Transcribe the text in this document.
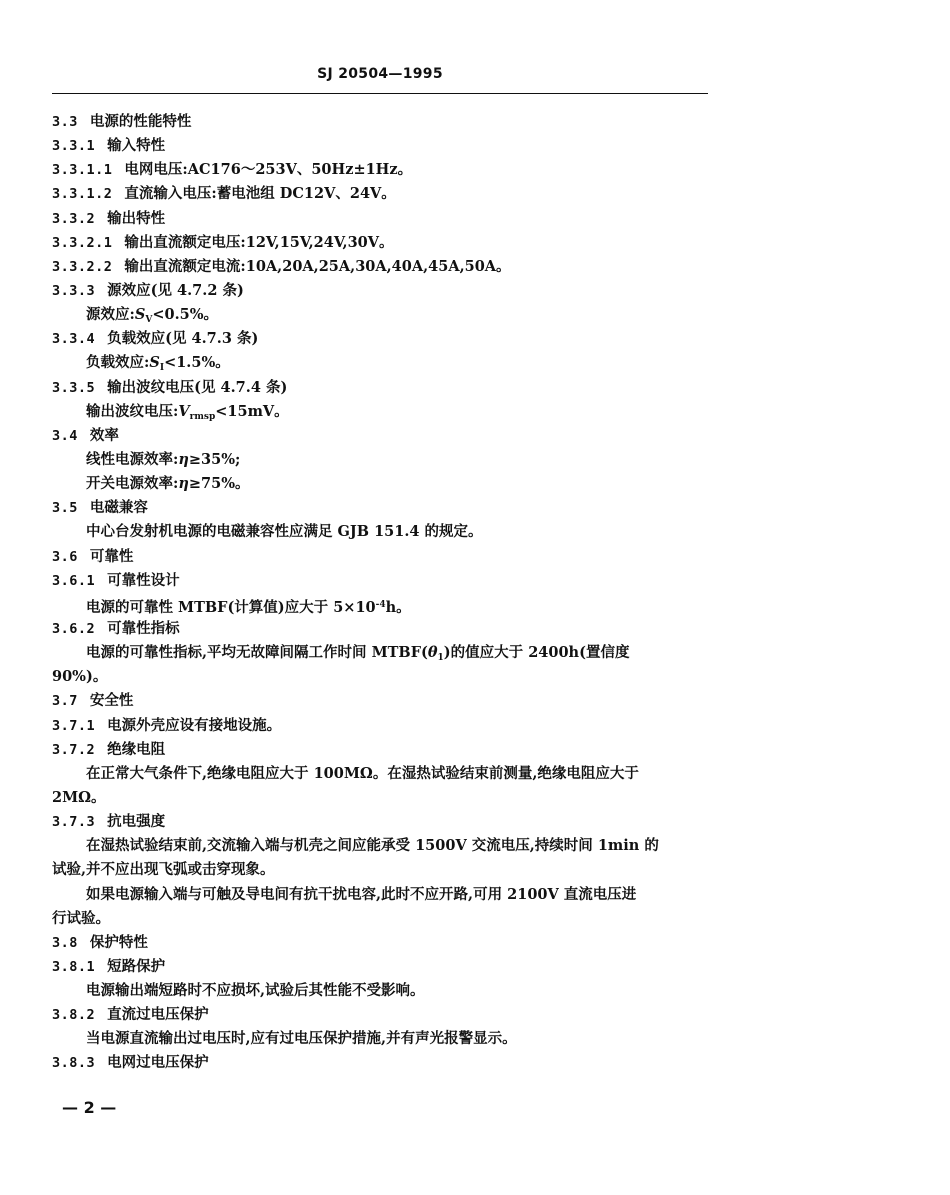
SJ 20504—1995
3.3 电源的性能特性
3.3.1 输入特性
3.3.1.1 电网电压:AC176～253V、50Hz±1Hz。
3.3.1.2 直流输入电压:蓄电池组 DC12V、24V。
3.3.2 输出特性
3.3.2.1 输出直流额定电压:12V,15V,24V,30V。
3.3.2.2 输出直流额定电流:10A,20A,25A,30A,40A,45A,50A。
3.3.3 源效应(见 4.7.2 条)
源效应$:S_V<0.5\%$。
3.3.4 负载效应(见 4.7.3 条)
负载效应$:S_I<1.5\%$。
3.3.5 输出波纹电压(见 4.7.4 条)
输出波纹电压$:V_{rmsp}<15mV$。
3.4 效率
线性电源效率:η≥35%;
开关电源效率:η≥75%。
3.5 电磁兼容
中心台发射机电源的电磁兼容性应满足 GJB 151.4 的规定。
3.6 可靠性
3.6.1 可靠性设计
电源的可靠性 MTBF(计算值)应大于 $5\times 10^{-4}h$。
3.6.2 可靠性指标
电源的可靠性指标,平均无故障间隔工作时间 $MTBF(\theta_1)$的值应大于 2400h(置信度
90%)。
3.7 安全性
3.7.1 电源外壳应设有接地设施。
3.7.2 绝缘电阻
在正常大气条件下,绝缘电阻应大于 100MΩ。在湿热试验结束前测量,绝缘电阻应大于
2MΩ。
3.7.3 抗电强度
在湿热试验结束前,交流输入端与机壳之间应能承受 1500V 交流电压,持续时间 1min 的
试验,并不应出现飞弧或击穿现象。
如果电源输入端与可触及导电间有抗干扰电容,此时不应开路,可用 2100V 直流电压进
行试验。
3.8 保护特性
3.8.1 短路保护
电源输出端短路时不应损坏,试验后其性能不受影响。
3.8.2 直流过电压保护
当电源直流输出过电压时,应有过电压保护措施,并有声光报警显示。
3.8.3 电网过电压保护
— 2 —
